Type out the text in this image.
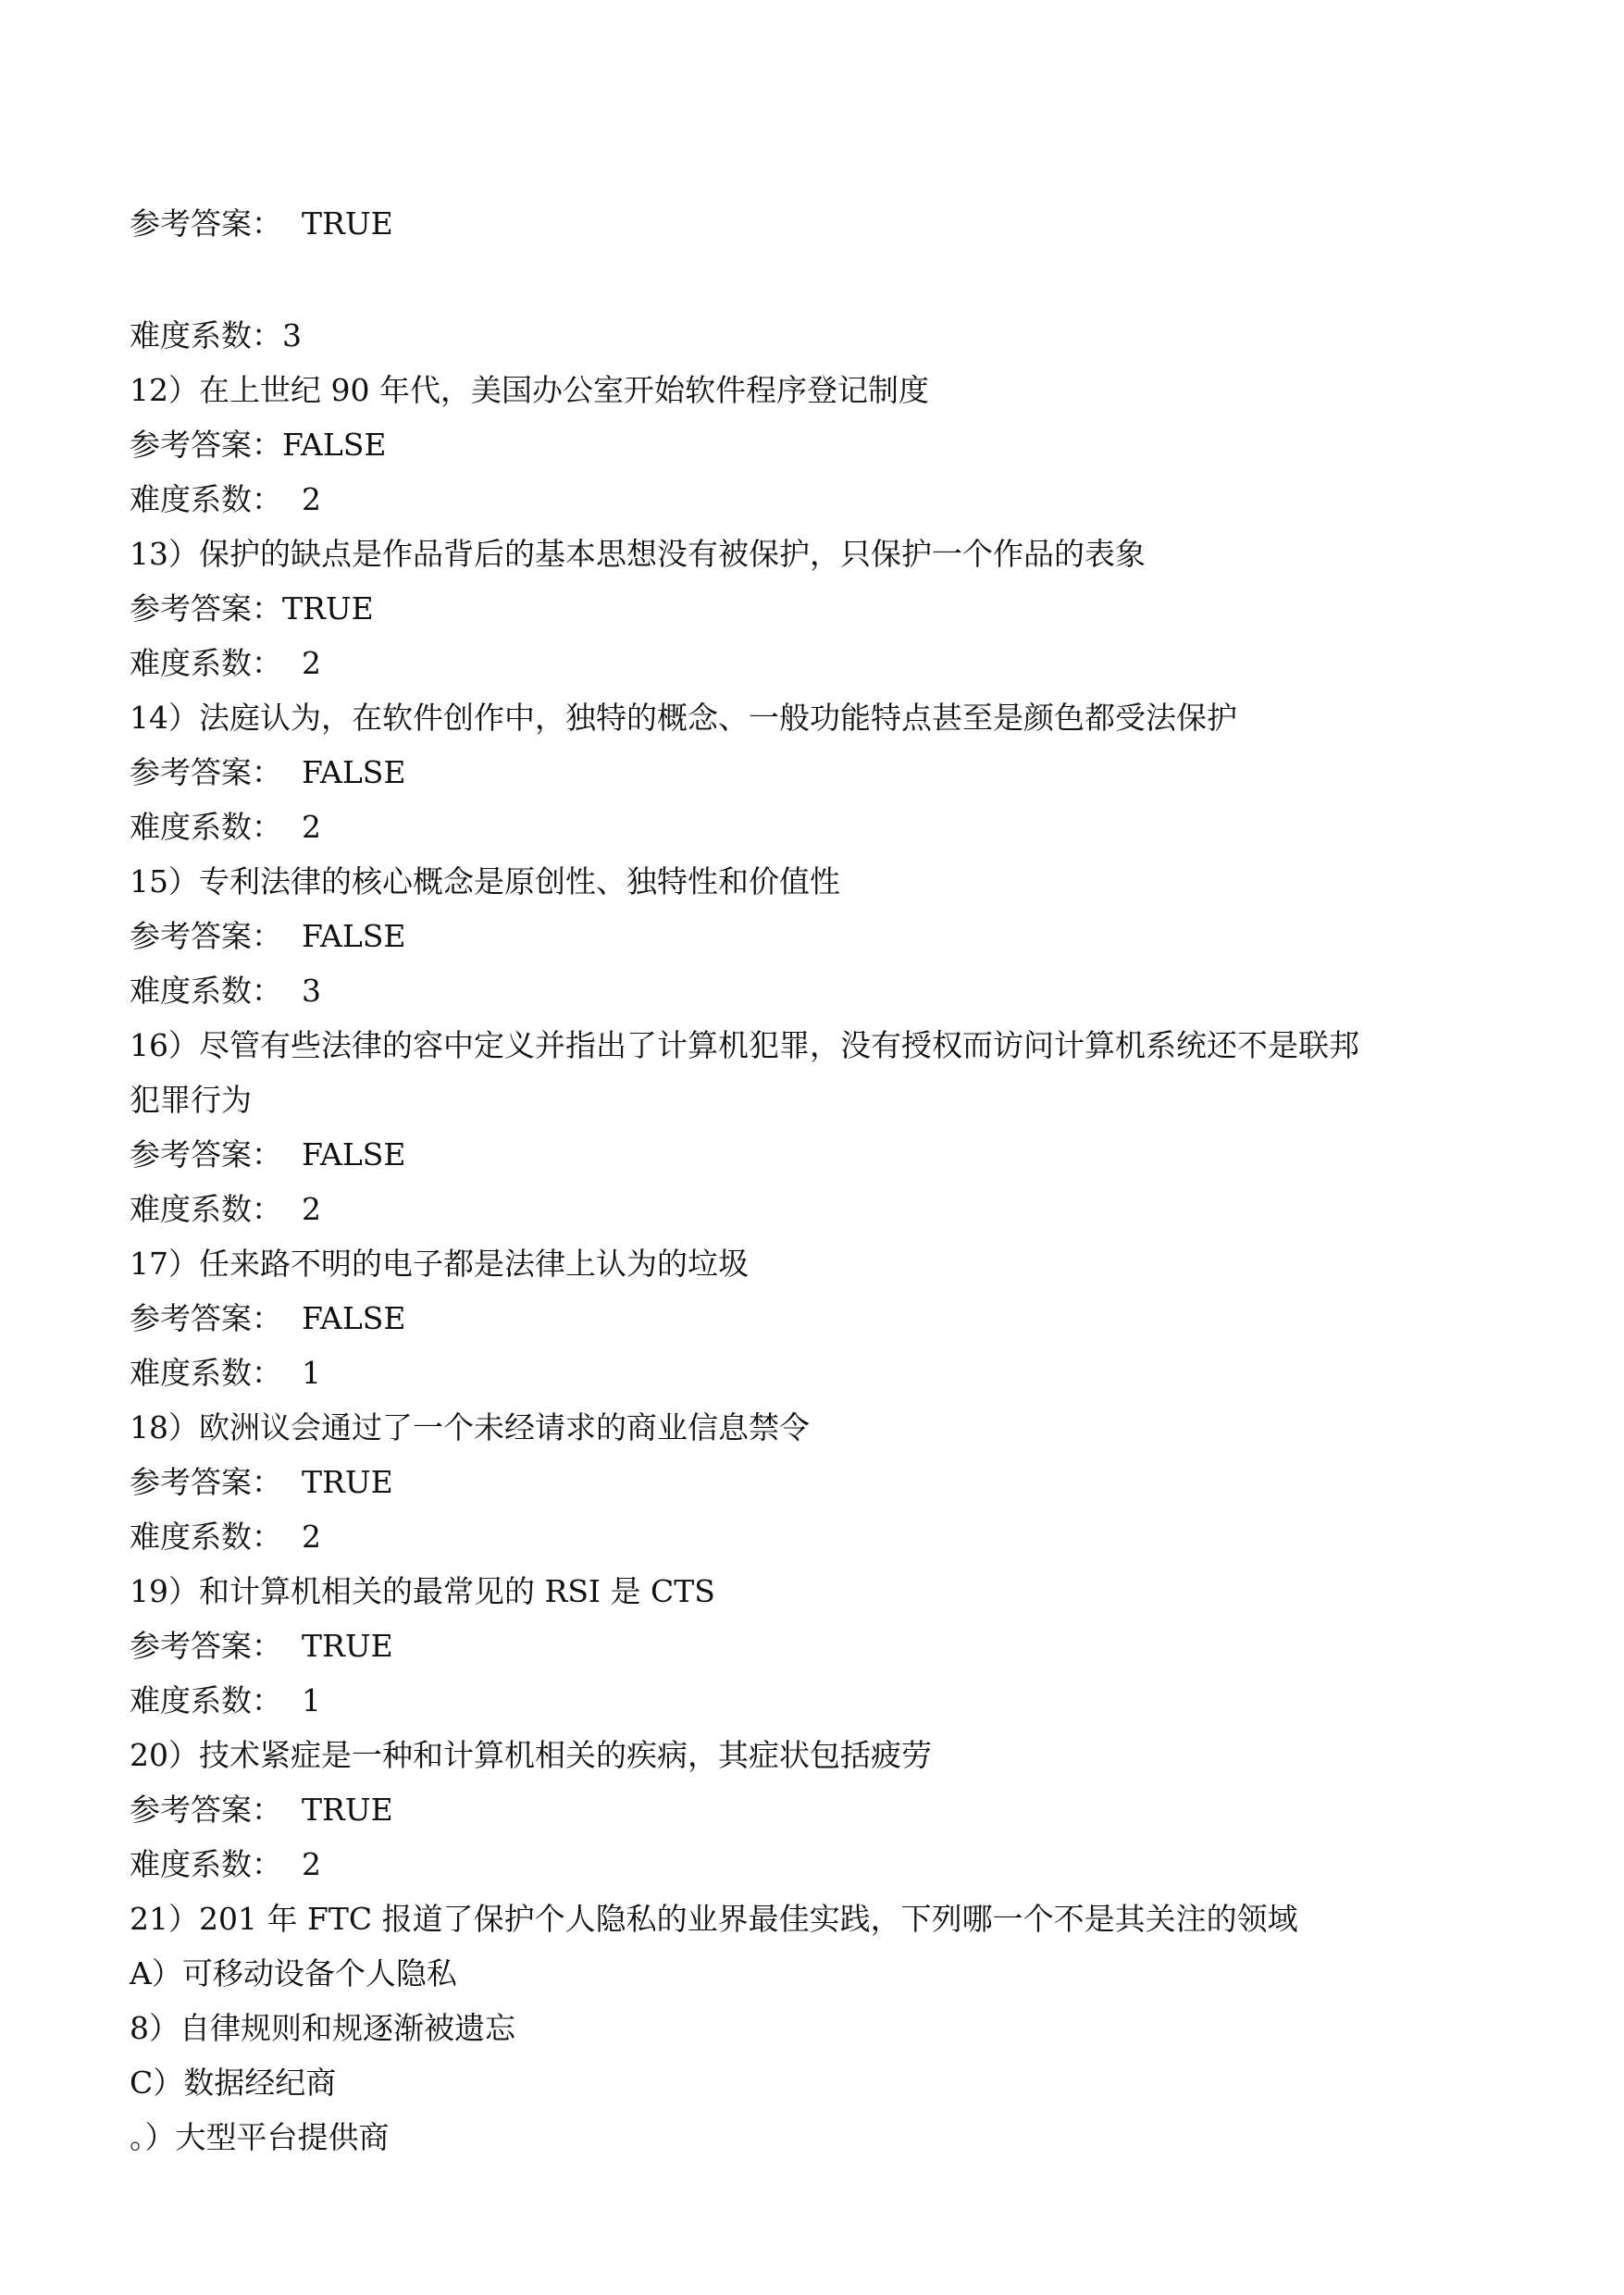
参考答案：  TRUE
难度系数：3
12）在上世纪 90 年代，美国办公室开始软件程序登记制度
参考答案：FALSE
难度系数：  2
13）保护的缺点是作品背后的基本思想没有被保护，只保护一个作品的表象
参考答案：TRUE
难度系数：  2
14）法庭认为，在软件创作中，独特的概念、一般功能特点甚至是颜色都受法保护
参考答案：  FALSE
难度系数：  2
15）专利法律的核心概念是原创性、独特性和价值性
参考答案：  FALSE
难度系数：  3
16）尽管有些法律的容中定义并指出了计算机犯罪，没有授权而访问计算机系统还不是联邦
犯罪行为
参考答案：  FALSE
难度系数：  2
17）任来路不明的电子都是法律上认为的垃圾
参考答案：  FALSE
难度系数：  1
18）欧洲议会通过了一个未经请求的商业信息禁令
参考答案：  TRUE
难度系数：  2
19）和计算机相关的最常见的 RSI 是 CTS
参考答案：  TRUE
难度系数：  1
20）技术紧症是一种和计算机相关的疾病，其症状包括疲劳
参考答案：  TRUE
难度系数：  2
21）201 年 FTC 报道了保护个人隐私的业界最佳实践，下列哪一个不是其关注的领域
A）可移动设备个人隐私
8）自律规则和规逐渐被遗忘
C）数据经纪商
。）大型平台提供商
